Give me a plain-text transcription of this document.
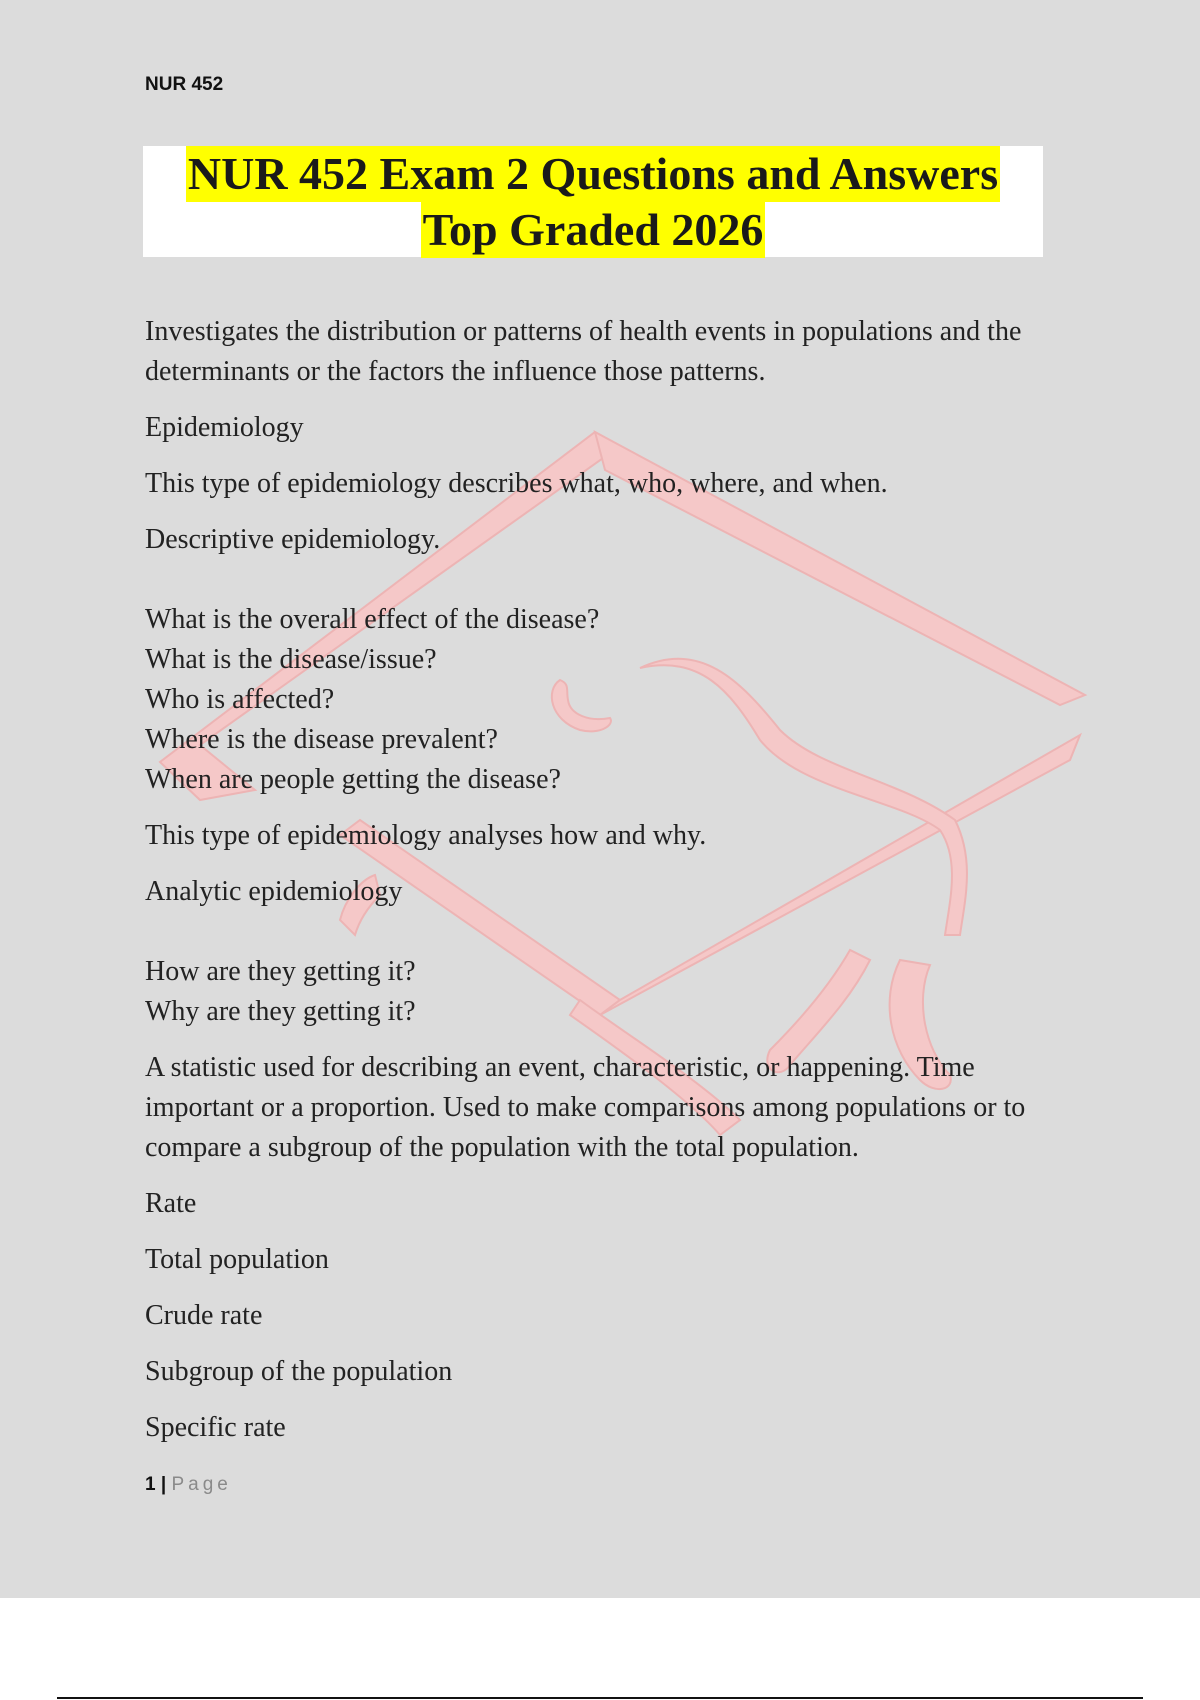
NUR 452
NUR 452 Exam 2 Questions and Answers
Top Graded 2026

Investigates the distribution or patterns of health events in populations and the determinants or the factors the influence those patterns.

Epidemiology

This type of epidemiology describes what, who, where, and when.

Descriptive epidemiology.

What is the overall effect of the disease?
What is the disease/issue?
Who is affected?
Where is the disease prevalent?
When are people getting the disease?

This type of epidemiology analyses how and why.

Analytic epidemiology

How are they getting it?
Why are they getting it?

A statistic used for describing an event, characteristic, or happening. Time important or a proportion. Used to make comparisons among populations or to compare a subgroup of the population with the total population.

Rate

Total population

Crude rate

Subgroup of the population

Specific rate

1 | Page
